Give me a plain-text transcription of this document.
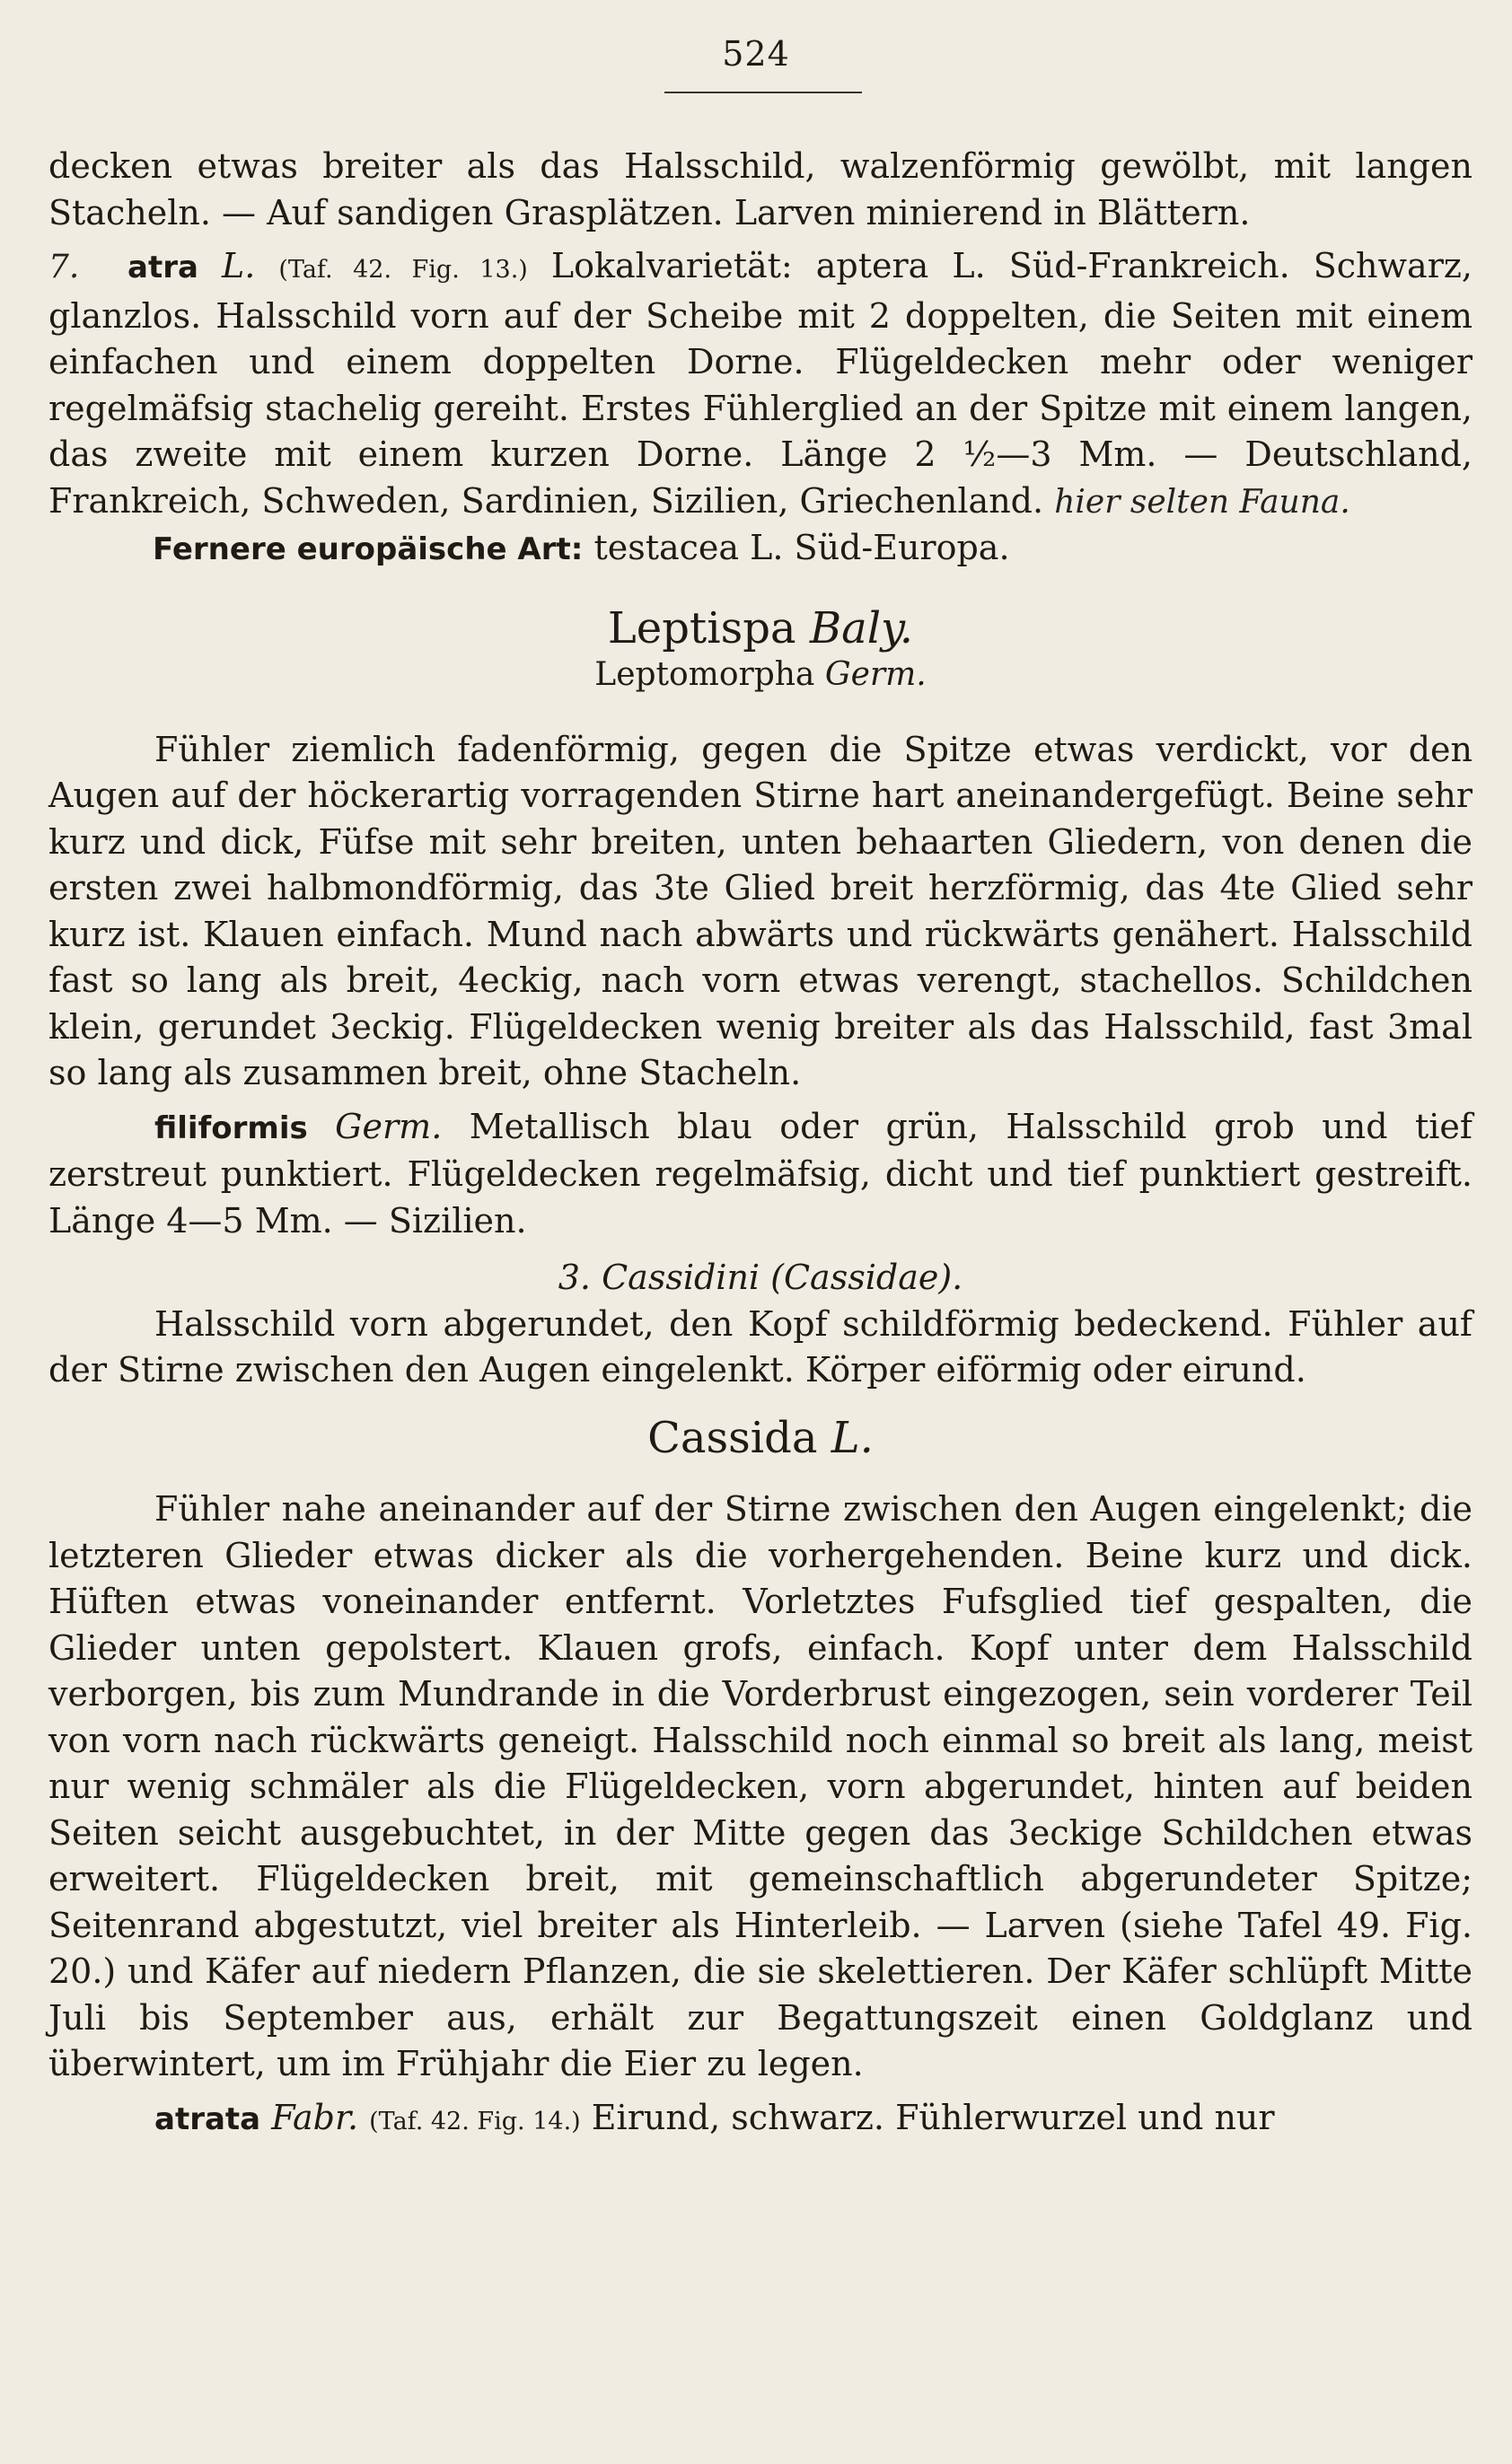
524

decken etwas breiter als das Halsschild, walzenförmig gewölbt, mit langen Stacheln. — Auf sandigen Grasplätzen. Larven minierend in Blättern.

7. atra L. (Taf. 42. Fig. 13.) Lokalvarietät: aptera L. Süd-Frankreich. Schwarz, glanzlos. Halsschild vorn auf der Scheibe mit 2 doppelten, die Seiten mit einem einfachen und einem doppelten Dorne. Flügeldecken mehr oder weniger regelmäfsig stachelig gereiht. Erstes Fühlerglied an der Spitze mit einem langen, das zweite mit einem kurzen Dorne. Länge 2 ½—3 Mm. — Deutschland, Frankreich, Schweden, Sardinien, Sizilien, Griechenland. hier selten Fauna.

Fernere europäische Art: testacea L. Süd-Europa.

Leptispa Baly.

Leptomorpha Germ.

Fühler ziemlich fadenförmig, gegen die Spitze etwas verdickt, vor den Augen auf der höckerartig vorragenden Stirne hart aneinandergefügt. Beine sehr kurz und dick, Füfse mit sehr breiten, unten behaarten Gliedern, von denen die ersten zwei halbmondförmig, das 3te Glied breit herzförmig, das 4te Glied sehr kurz ist. Klauen einfach. Mund nach abwärts und rückwärts genähert. Halsschild fast so lang als breit, 4eckig, nach vorn etwas verengt, stachellos. Schildchen klein, gerundet 3eckig. Flügeldecken wenig breiter als das Halsschild, fast 3mal so lang als zusammen breit, ohne Stacheln.

filiformis Germ. Metallisch blau oder grün, Halsschild grob und tief zerstreut punktiert. Flügeldecken regelmäfsig, dicht und tief punktiert gestreift. Länge 4—5 Mm. — Sizilien.

3. Cassidini (Cassidae).

Halsschild vorn abgerundet, den Kopf schildförmig bedeckend. Fühler auf der Stirne zwischen den Augen eingelenkt. Körper eiförmig oder eirund.

Cassida L.

Fühler nahe aneinander auf der Stirne zwischen den Augen eingelenkt; die letzteren Glieder etwas dicker als die vorhergehenden. Beine kurz und dick. Hüften etwas voneinander entfernt. Vorletztes Fufsglied tief gespalten, die Glieder unten gepolstert. Klauen grofs, einfach. Kopf unter dem Halsschild verborgen, bis zum Mundrande in die Vorderbrust eingezogen, sein vorderer Teil von vorn nach rückwärts geneigt. Halsschild noch einmal so breit als lang, meist nur wenig schmäler als die Flügeldecken, vorn abgerundet, hinten auf beiden Seiten seicht ausgebuchtet, in der Mitte gegen das 3eckige Schildchen etwas erweitert. Flügeldecken breit, mit gemeinschaftlich abgerundeter Spitze; Seitenrand abgestutzt, viel breiter als Hinterleib. — Larven (siehe Tafel 49. Fig. 20.) und Käfer auf niedern Pflanzen, die sie skelettieren. Der Käfer schlüpft Mitte Juli bis September aus, erhält zur Begattungszeit einen Goldglanz und überwintert, um im Frühjahr die Eier zu legen.

atrata Fabr. (Taf. 42. Fig. 14.) Eirund, schwarz. Fühlerwurzel und nur
